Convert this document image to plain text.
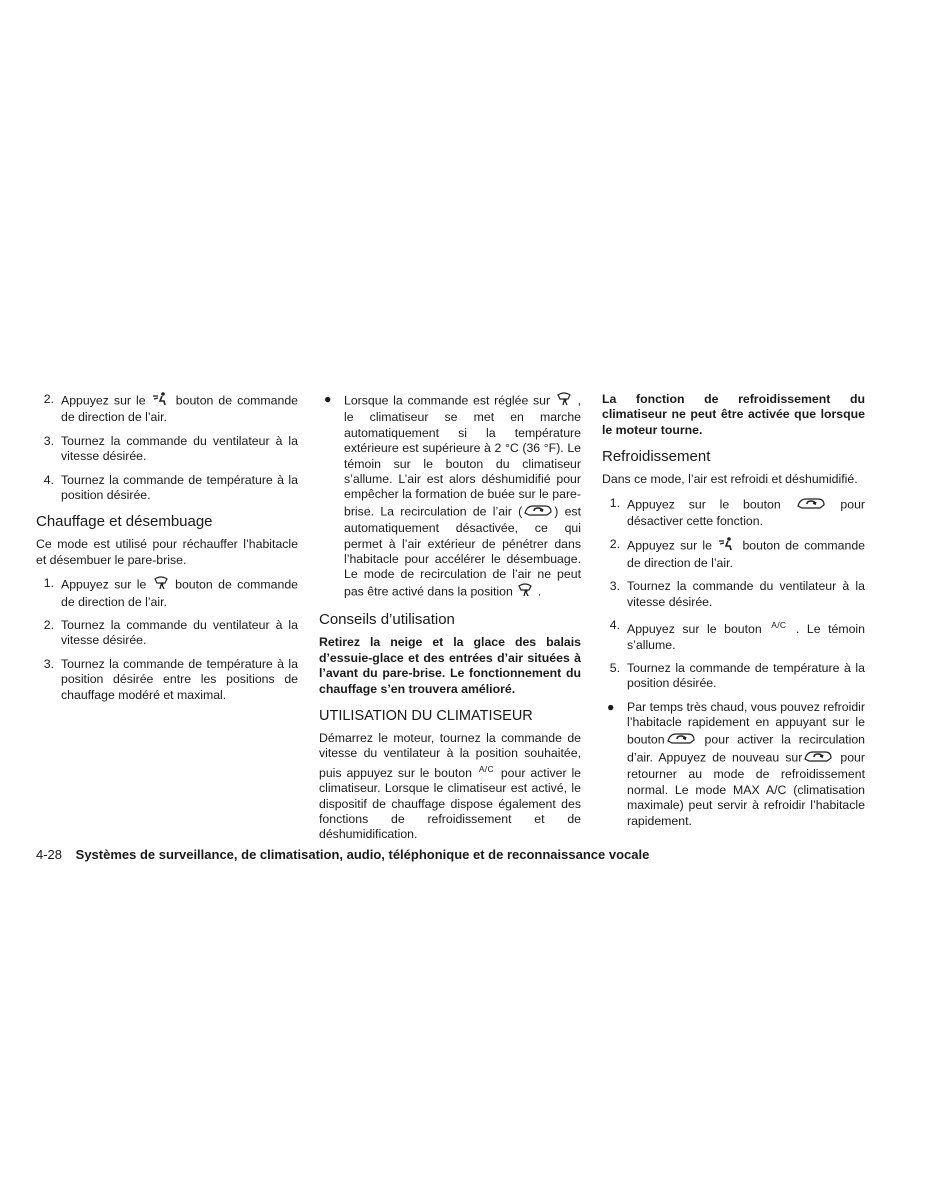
2. Appuyez sur le bouton de commande de direction de l’air.
3. Tournez la commande du ventilateur à la vitesse désirée.
4. Tournez la commande de température à la position désirée.
Chauffage et désembuage
Ce mode est utilisé pour réchauffer l’habitacle et désembuer le pare-brise.
1. Appuyez sur le bouton de commande de direction de l’air.
2. Tournez la commande du ventilateur à la vitesse désirée.
3. Tournez la commande de température à la position désirée entre les positions de chauffage modéré et maximal.
● Lorsque la commande est réglée sur , le climatiseur se met en marche automatiquement si la température extérieure est supérieure à 2 °C (36 °F). Le témoin sur le bouton du climatiseur s’allume. L’air est alors déshumidifié pour empêcher la formation de buée sur le pare-brise. La recirculation de l’air (	) est automatiquement désactivée, ce qui permet à l’air extérieur de pénétrer dans l’habitacle pour accélérer le désembuage. Le mode de recirculation de l’air ne peut pas être activé dans la position .
Conseils d’utilisation
Retirez la neige et la glace des balais d’essuie-glace et des entrées d’air situées à l’avant du pare-brise. Le fonctionnement du chauffage s’en trouvera amélioré.
UTILISATION DU CLIMATISEUR
Démarrez le moteur, tournez la commande de vitesse du ventilateur à la position souhaitée, puis appuyez sur le bouton A/C pour activer le climatiseur. Lorsque le climatiseur est activé, le dispositif de chauffage dispose également des fonctions de refroidissement et de déshumidification.
La fonction de refroidissement du climatiseur ne peut être activée que lorsque le moteur tourne.
Refroidissement
Dans ce mode, l’air est refroidi et déshumidifié.
1. Appuyez sur le bouton	pour désactiver cette fonction.
2. Appuyez sur le bouton de commande de direction de l’air.
3. Tournez la commande du ventilateur à la vitesse désirée.
4. Appuyez sur le bouton A/C . Le témoin s’allume.
5. Tournez la commande de température à la position désirée.
● Par temps très chaud, vous pouvez refroidir l’habitacle rapidement en appuyant sur le bouton	pour activer la recirculation d’air. Appuyez de nouveau sur	pour retourner au mode de refroidissement normal. Le mode MAX A/C (climatisation maximale) peut servir à refroidir l’habitacle rapidement.
4-28 Systèmes de surveillance, de climatisation, audio, téléphonique et de reconnaissance vocale
